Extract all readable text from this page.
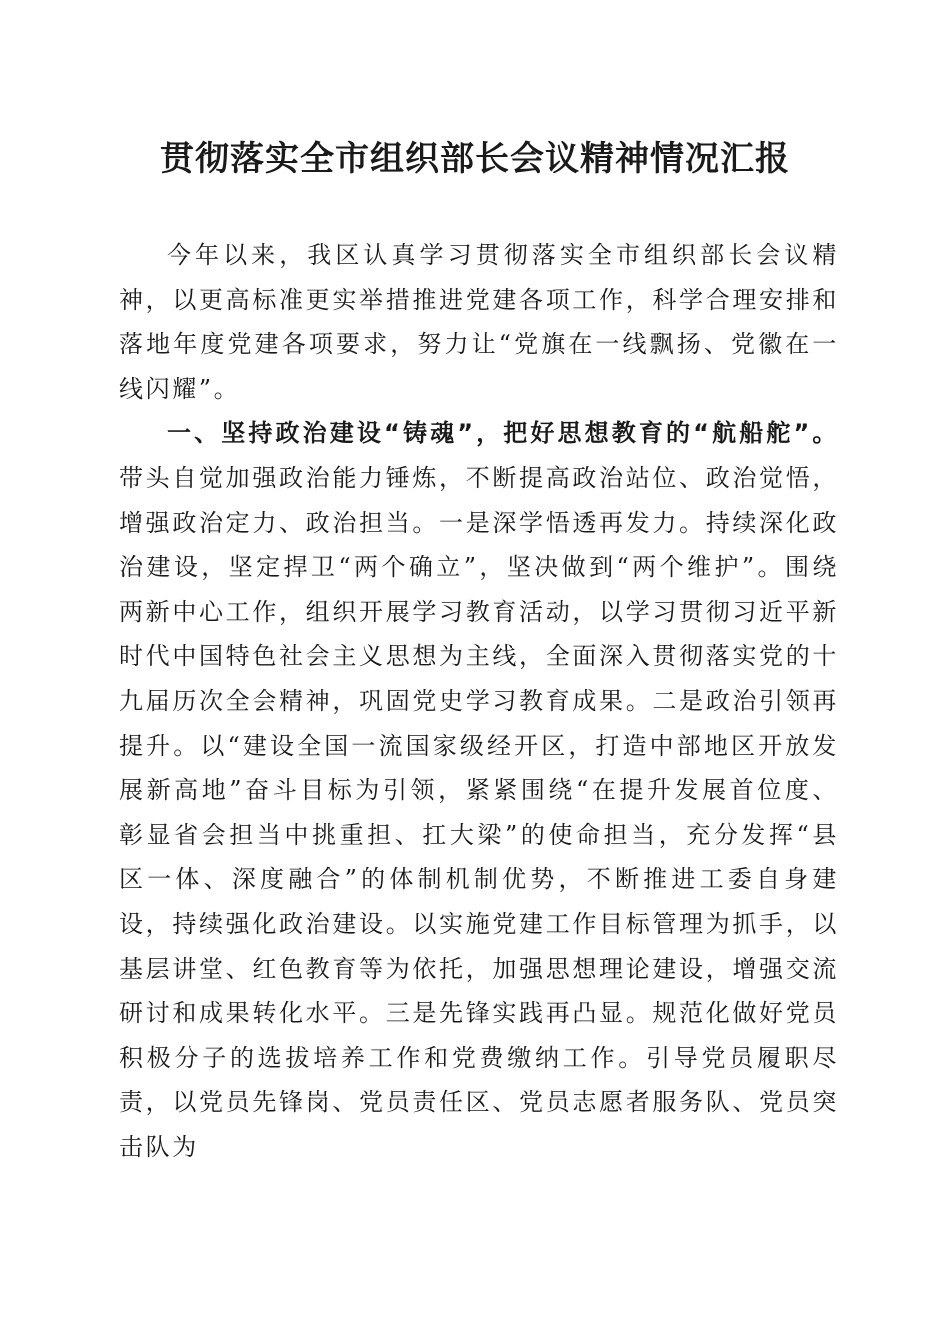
贯彻落实全市组织部长会议精神情况汇报

今年以来，我区认真学习贯彻落实全市组织部长会议精神，以更高标准更实举措推进党建各项工作，科学合理安排和落地年度党建各项要求，努力让“党旗在一线飘扬、党徽在一线闪耀”。

一、坚持政治建设“铸魂”，把好思想教育的“航船舵”。带头自觉加强政治能力锤炼，不断提高政治站位、政治觉悟，增强政治定力、政治担当。一是深学悟透再发力。持续深化政治建设，坚定捍卫“两个确立”，坚决做到“两个维护”。围绕两新中心工作，组织开展学习教育活动，以学习贯彻习近平新时代中国特色社会主义思想为主线，全面深入贯彻落实党的十九届历次全会精神，巩固党史学习教育成果。二是政治引领再提升。以“建设全国一流国家级经开区，打造中部地区开放发展新高地”奋斗目标为引领，紧紧围绕“在提升发展首位度、彰显省会担当中挑重担、扛大梁”的使命担当，充分发挥“县区一体、深度融合”的体制机制优势，不断推进工委自身建设，持续强化政治建设。以实施党建工作目标管理为抓手，以基层讲堂、红色教育等为依托，加强思想理论建设，增强交流研讨和成果转化水平。三是先锋实践再凸显。规范化做好党员积极分子的选拔培养工作和党费缴纳工作。引导党员履职尽责，以党员先锋岗、党员责任区、党员志愿者服务队、党员突击队为
